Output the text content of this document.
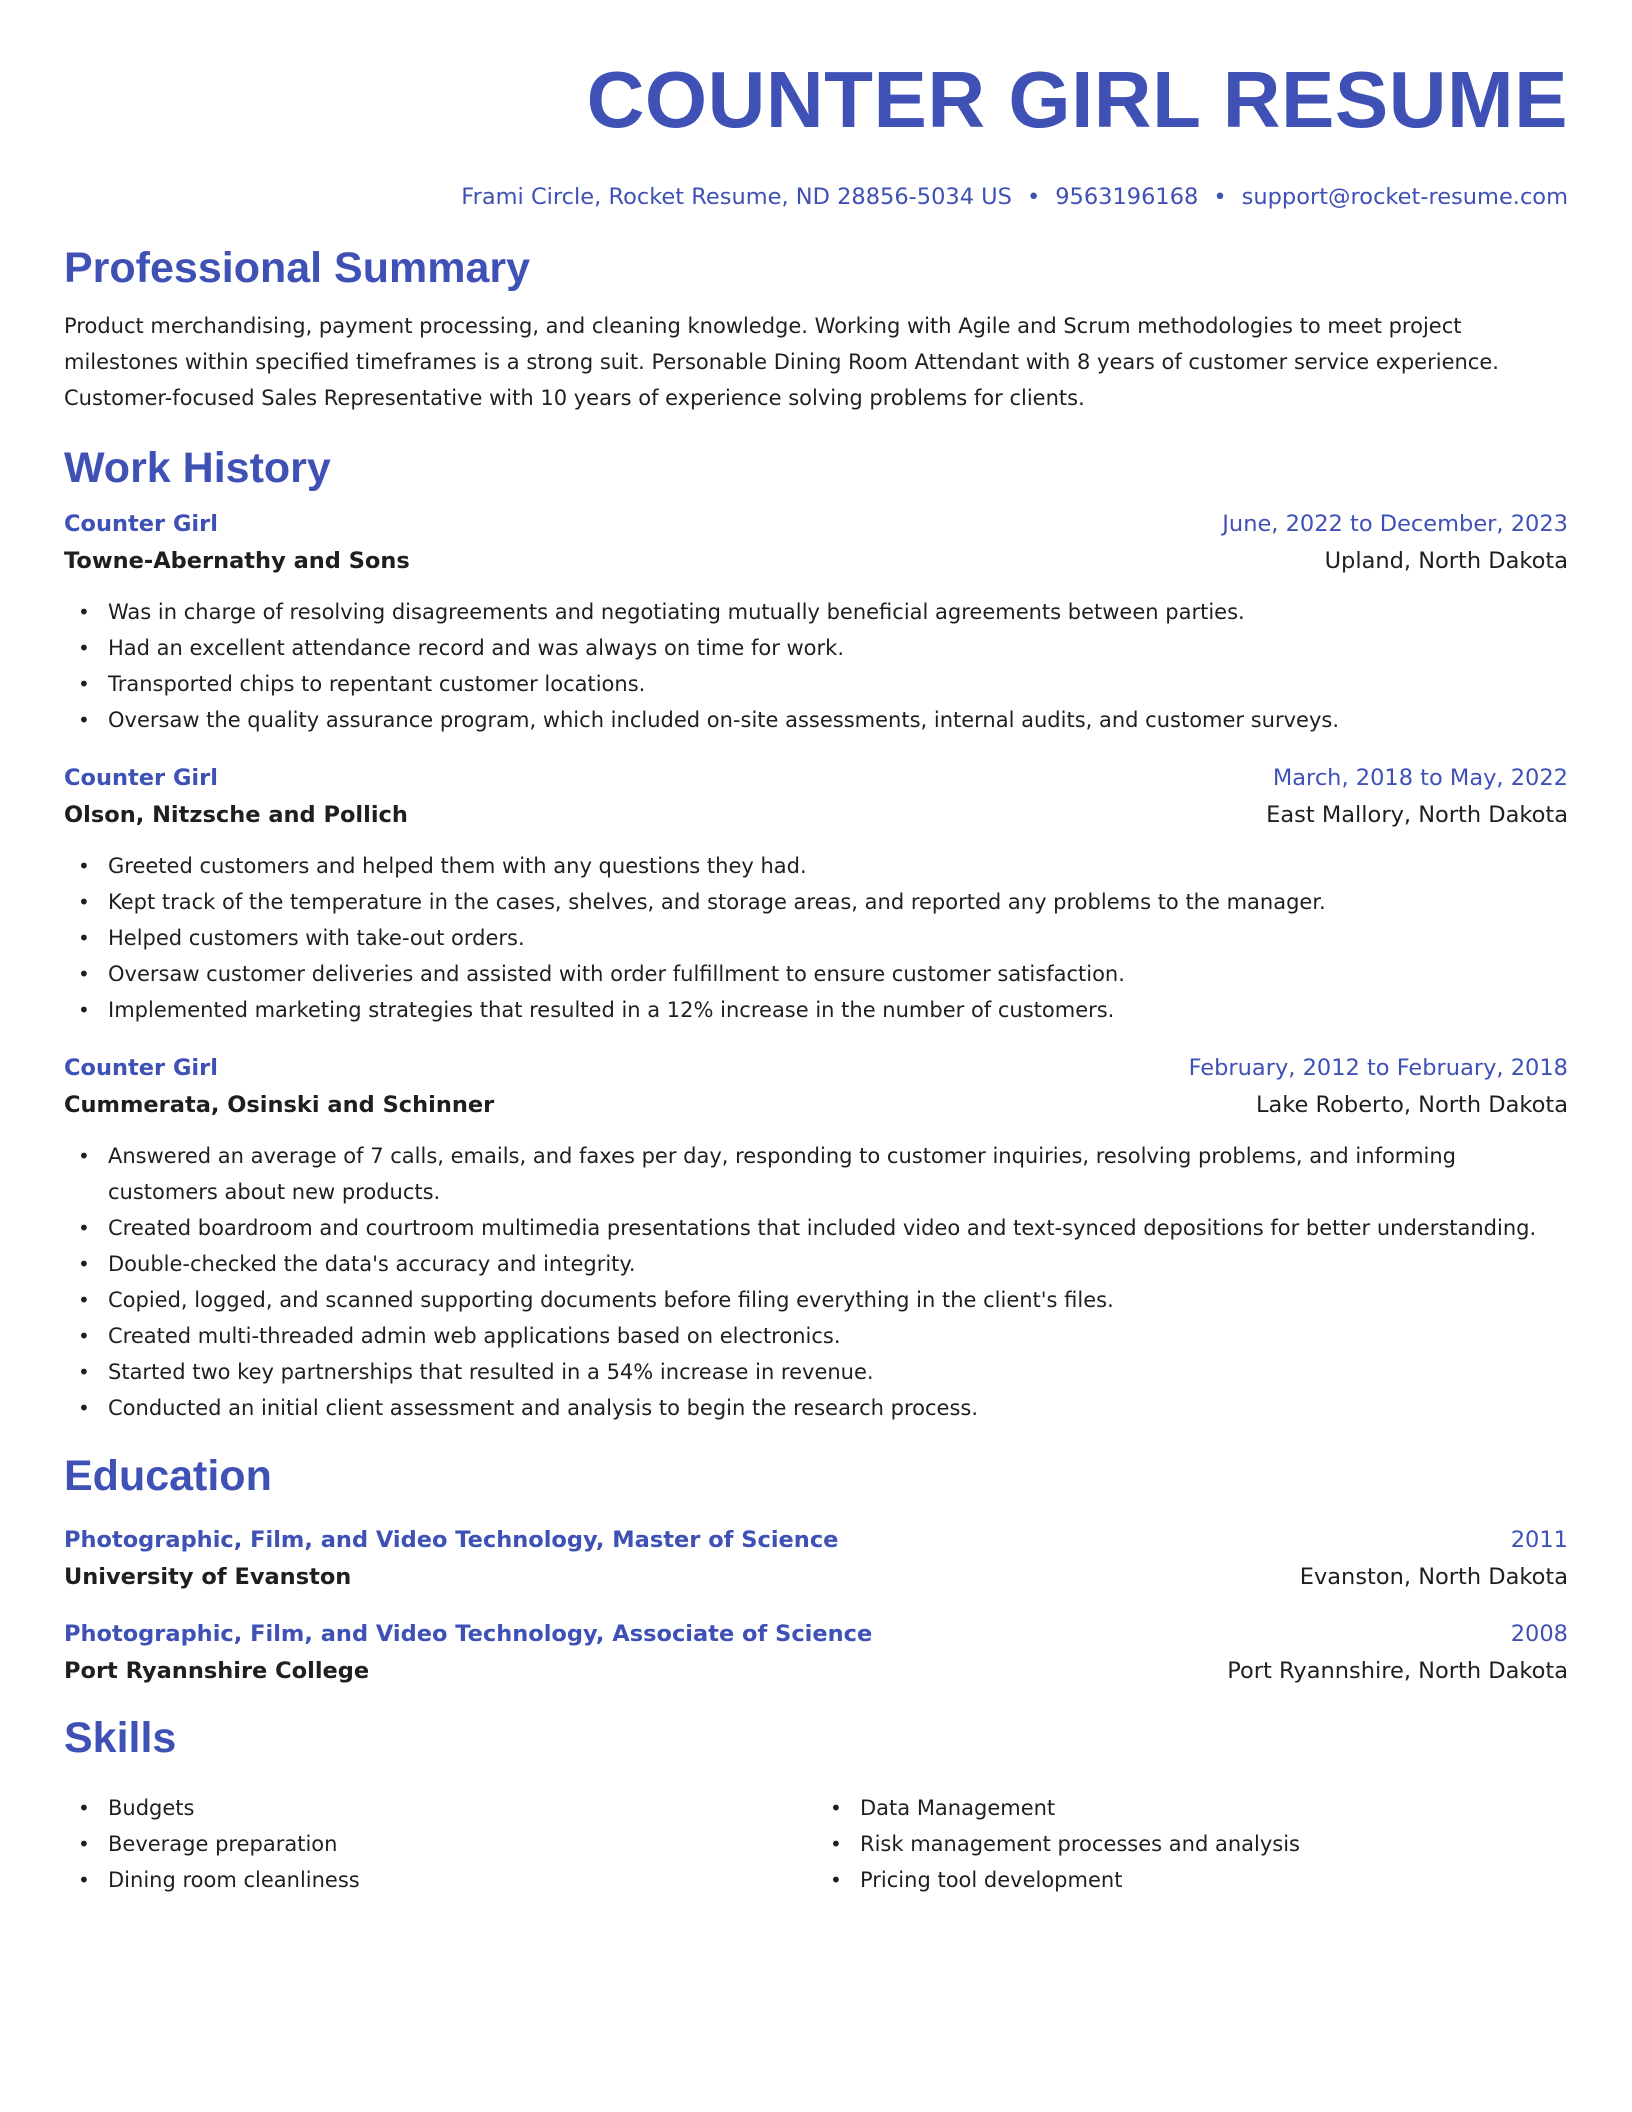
COUNTER GIRL RESUME
Frami Circle, Rocket Resume, ND 28856-5034 US • 9563196168 • support@rocket-resume.com
Professional Summary

Product merchandising, payment processing, and cleaning knowledge. Working with Agile and Scrum methodologies to meet project milestones within specified timeframes is a strong suit. Personable Dining Room Attendant with 8 years of customer service experience. Customer-focused Sales Representative with 10 years of experience solving problems for clients.

Work History
Counter Girl	June, 2022 to December, 2023
Towne-Abernathy and Sons	Upland, North Dakota
• Was in charge of resolving disagreements and negotiating mutually beneficial agreements between parties.
• Had an excellent attendance record and was always on time for work.
• Transported chips to repentant customer locations.
• Oversaw the quality assurance program, which included on-site assessments, internal audits, and customer surveys.
Counter Girl	March, 2018 to May, 2022
Olson, Nitzsche and Pollich	East Mallory, North Dakota
• Greeted customers and helped them with any questions they had.
• Kept track of the temperature in the cases, shelves, and storage areas, and reported any problems to the manager.
• Helped customers with take-out orders.
• Oversaw customer deliveries and assisted with order fulfillment to ensure customer satisfaction.
• Implemented marketing strategies that resulted in a 12% increase in the number of customers.
Counter Girl	February, 2012 to February, 2018
Cummerata, Osinski and Schinner	Lake Roberto, North Dakota
• Answered an average of 7 calls, emails, and faxes per day, responding to customer inquiries, resolving problems, and informing customers about new products.
• Created boardroom and courtroom multimedia presentations that included video and text-synced depositions for better understanding.
• Double-checked the data's accuracy and integrity.
• Copied, logged, and scanned supporting documents before filing everything in the client's files.
• Created multi-threaded admin web applications based on electronics.
• Started two key partnerships that resulted in a 54% increase in revenue.
• Conducted an initial client assessment and analysis to begin the research process.
Education
Photographic, Film, and Video Technology, Master of Science	2011
University of Evanston	Evanston, North Dakota
Photographic, Film, and Video Technology, Associate of Science	2008
Port Ryannshire College	Port Ryannshire, North Dakota
Skills
• Budgets
• Beverage preparation
• Dining room cleanliness
• Data Management
• Risk management processes and analysis
• Pricing tool development
